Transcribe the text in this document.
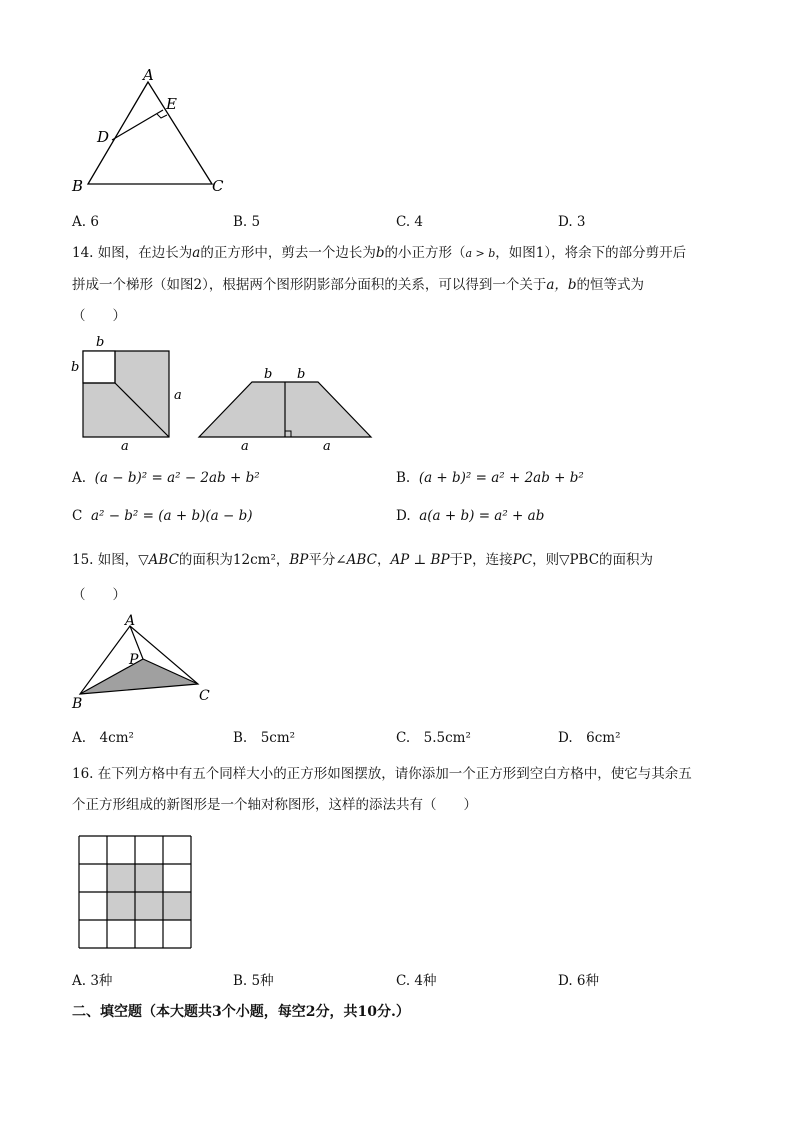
A
E
D
B	C
A. 6	B. 5	C. 4	D. 3
14. 如图，在边长为a的正方形中，剪去一个边长为b的小正方形（a > b，如图1），将余下的部分剪开后
拼成一个梯形（如图2），根据两个图形阴影部分面积的关系，可以得到一个关于a，b的恒等式为
（　　）
b
b
a
a
b b
a	a
A. (a − b)² = a² − 2ab + b²	B. (a + b)² = a² + 2ab + b²
C a² − b² = (a + b)(a − b)	D. a(a + b) = a² + ab
15. 如图，▽ABC的面积为12cm²，BP平分∠ABC，AP ⊥ BP于P，连接PC，则▽PBC的面积为
（　　）
A
P
B	C
A.　4cm²	B.　5cm²	C.　5.5cm²	D.　6cm²
16. 在下列方格中有五个同样大小的正方形如图摆放，请你添加一个正方形到空白方格中，使它与其余五
个正方形组成的新图形是一个轴对称图形，这样的添法共有（　　）
A. 3种	B. 5种	C. 4种	D. 6种
二、填空题（本大题共3个小题，每空2分，共10分.）
